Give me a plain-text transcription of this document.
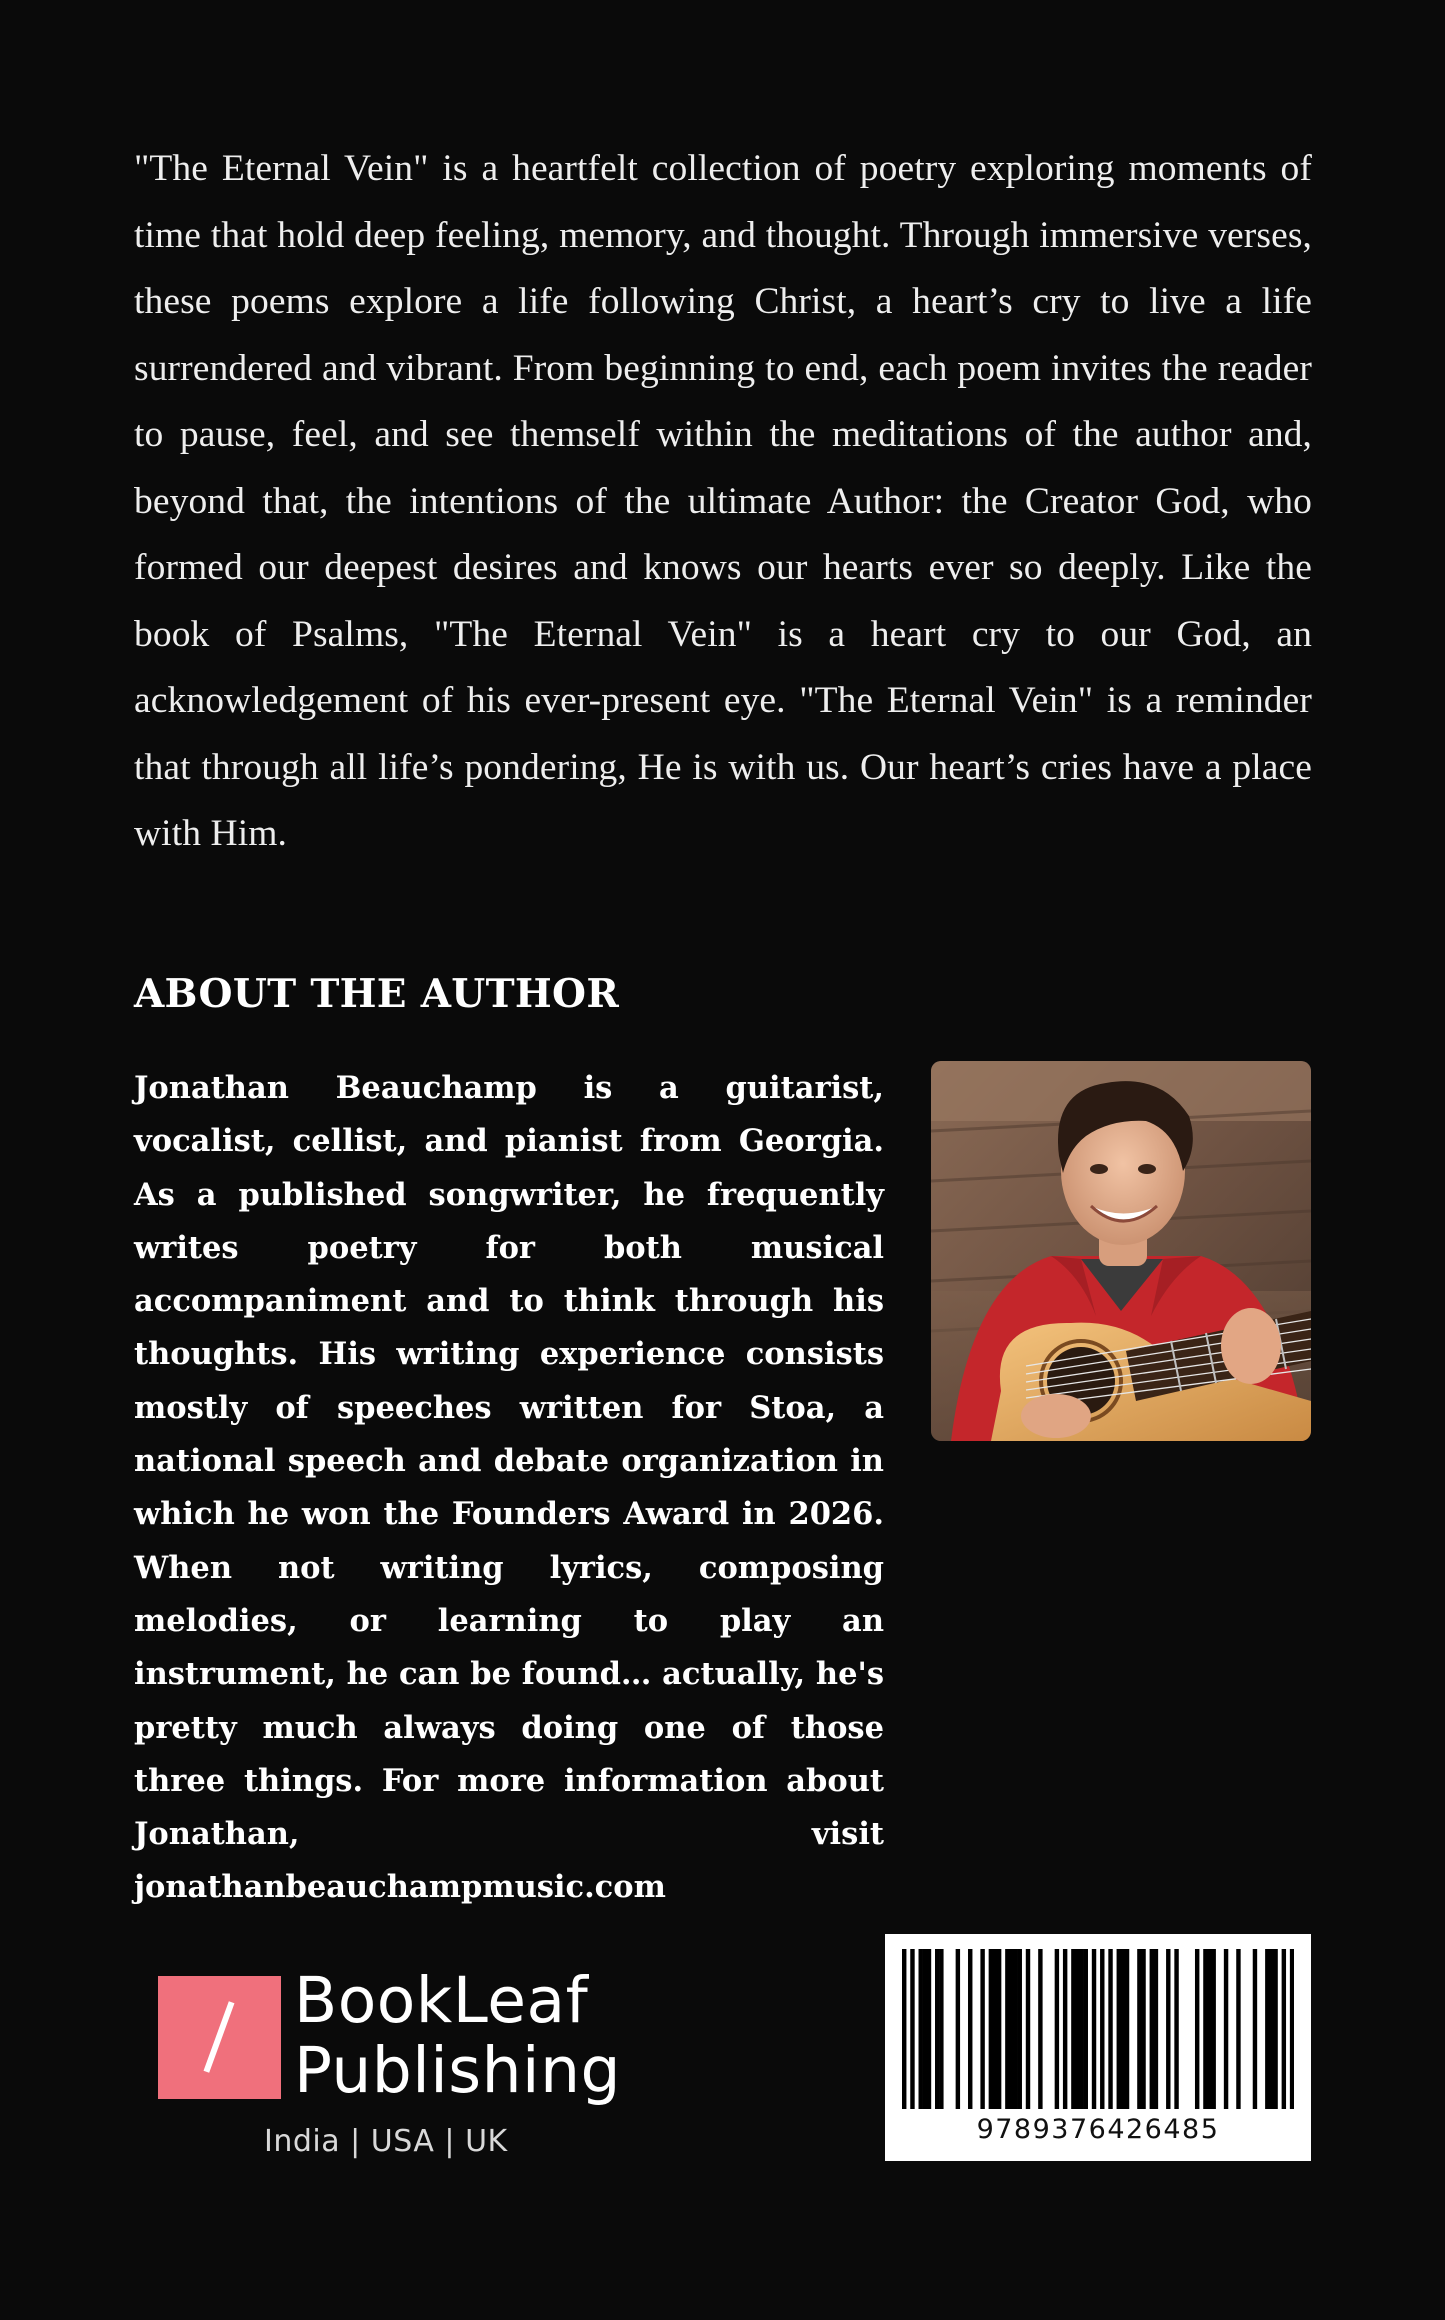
"The Eternal Vein" is a heartfelt collection of poetry exploring moments of time that hold deep feeling, memory, and thought. Through immersive verses, these poems explore a life following Christ, a heart’s cry to live a life surrendered and vibrant. From beginning to end, each poem invites the reader to pause, feel, and see themself within the meditations of the author and, beyond that, the intentions of the ultimate Author: the Creator God, who formed our deepest desires and knows our hearts ever so deeply. Like the book of Psalms, "The Eternal Vein" is a heart cry to our God, an acknowledgement of his ever-present eye. "The Eternal Vein" is a reminder that through all life’s pondering, He is with us. Our heart’s cries have a place with Him.

ABOUT THE AUTHOR

Jonathan Beauchamp is a guitarist, vocalist, cellist, and pianist from Georgia. As a published songwriter, he frequently writes poetry for both musical accompaniment and to think through his thoughts. His writing experience consists mostly of speeches written for Stoa, a national speech and debate organization in which he won the Founders Award in 2026. When not writing lyrics, composing melodies, or learning to play an instrument, he can be found… actually, he's pretty much always doing one of those three things. For more information about Jonathan, visit jonathanbeauchampmusic.com

BookLeaf
Publishing
India | USA | UK	9789376426485
